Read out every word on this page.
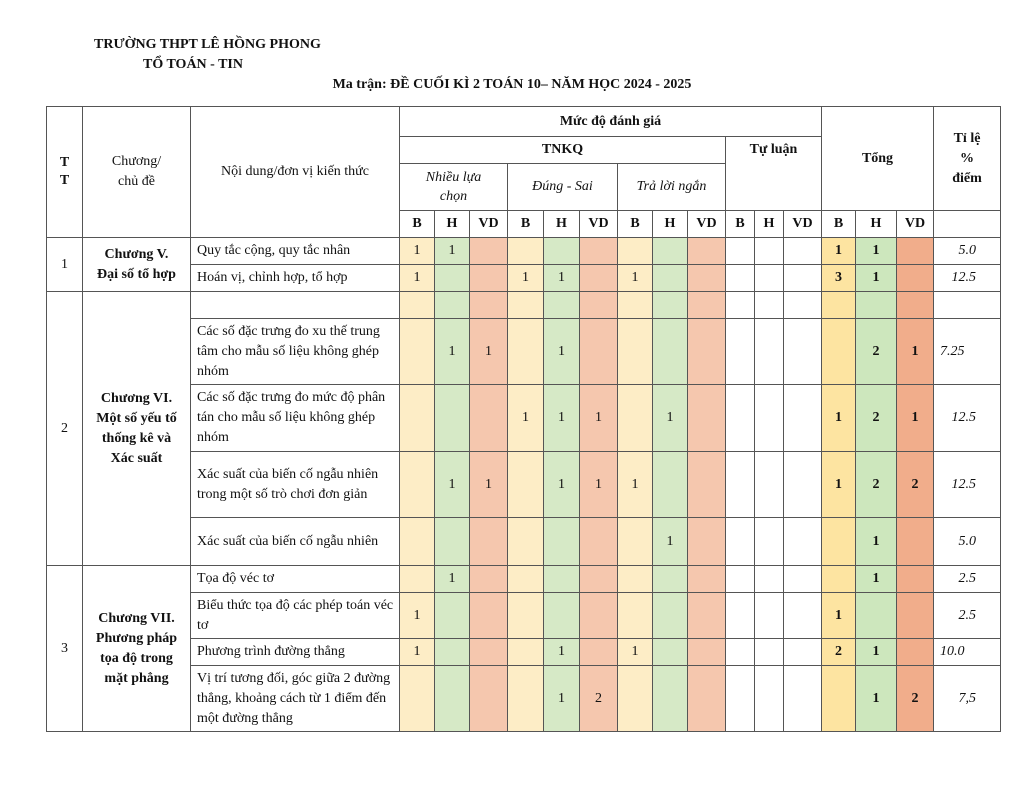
TRƯỜNG THPT LÊ HỒNG PHONG
TỔ TOÁN - TIN
Ma trận: ĐỀ CUỐI KÌ 2 TOÁN 10– NĂM HỌC 2024 - 2025
T
T	Chương/
chủ đề	Nội dung/đơn vị kiến thức	Mức độ đánh giá												Tổng			Tỉ lệ
%
điểm
			TNKQ									Tự luận						
			Nhiều lựa
chọn			Đúng - Sai			Trả lời ngắn									
			B	H	VD	B	H	VD	B	H	VD	B	H	VD	B	H	VD	
1	Chương V.
Đại số tổ hợp	Quy tắc cộng, quy tắc nhân	1	1											1	1		5.0
		Hoán vị, chỉnh hợp, tổ hợp	1			1	1		1						3	1		12.5
2	Chương VI.
Một số yếu tố
thống kê và
Xác suất																	
		Các số đặc trưng đo xu thế trung tâm cho mẫu số liệu không ghép nhóm		1	1		1									2	1	7.25
		Các số đặc trưng đo mức độ phân tán cho mẫu số liệu không ghép nhóm				1	1	1		1					1	2	1	12.5
		Xác suất của biến cố ngẫu nhiên trong một số trò chơi đơn giản		1	1		1	1	1						1	2	2	12.5
		Xác suất của biến cố ngẫu nhiên								1						1		5.0
3	Chương VII.
Phương pháp
tọa độ trong
mặt phẳng	Tọa độ véc tơ		1												1		2.5
		Biểu thức tọa độ các phép toán véc tơ	1												1			2.5
		Phương trình đường thẳng	1				1		1						2	1		10.0
		Vị trí tương đối, góc giữa 2 đường thẳng, khoảng cách từ 1 điểm đến một đường thẳng					1	2								1	2	7,5
